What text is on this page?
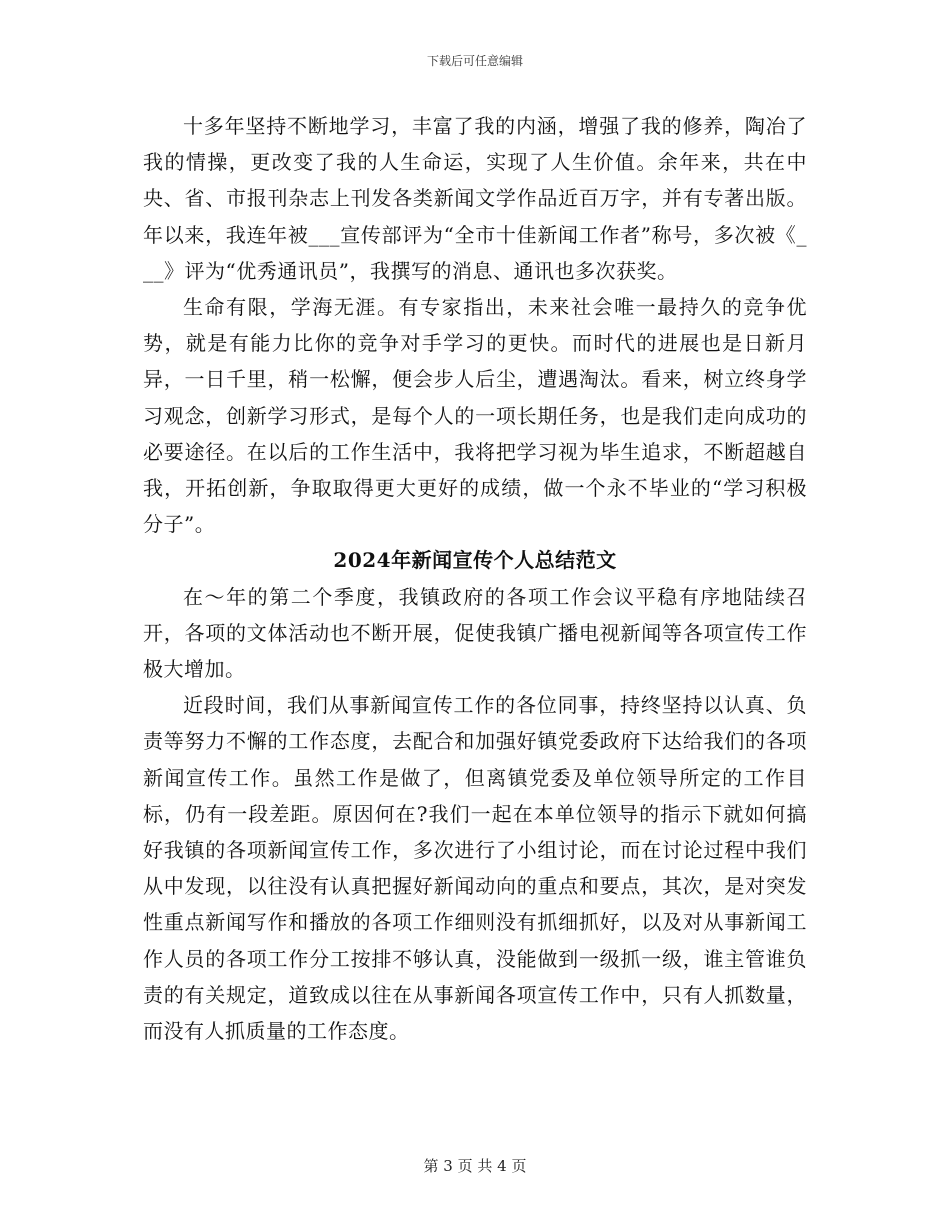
下载后可任意编辑

十多年坚持不断地学习，丰富了我的内涵，增强了我的修养，陶冶了我的情操，更改变了我的人生命运，实现了人生价值。余年来，共在中央、省、市报刊杂志上刊发各类新闻文学作品近百万字，并有专著出版。年以来，我连年被___宣传部评为“全市十佳新闻工作者”称号，多次被《___》评为“优秀通讯员”，我撰写的消息、通讯也多次获奖。

生命有限，学海无涯。有专家指出，未来社会唯一最持久的竞争优势，就是有能力比你的竞争对手学习的更快。而时代的进展也是日新月异，一日千里，稍一松懈，便会步人后尘，遭遇淘汰。看来，树立终身学习观念，创新学习形式，是每个人的一项长期任务，也是我们走向成功的必要途径。在以后的工作生活中，我将把学习视为毕生追求，不断超越自我，开拓创新，争取取得更大更好的成绩，做一个永不毕业的“学习积极分子”。

2024年新闻宣传个人总结范文

在～年的第二个季度，我镇政府的各项工作会议平稳有序地陆续召开，各项的文体活动也不断开展，促使我镇广播电视新闻等各项宣传工作极大增加。

近段时间，我们从事新闻宣传工作的各位同事，持终坚持以认真、负责等努力不懈的工作态度，去配合和加强好镇党委政府下达给我们的各项新闻宣传工作。虽然工作是做了，但离镇党委及单位领导所定的工作目标，仍有一段差距。原因何在?我们一起在本单位领导的指示下就如何搞好我镇的各项新闻宣传工作，多次进行了小组讨论，而在讨论过程中我们从中发现，以往没有认真把握好新闻动向的重点和要点，其次，是对突发性重点新闻写作和播放的各项工作细则没有抓细抓好，以及对从事新闻工作人员的各项工作分工按排不够认真，没能做到一级抓一级，谁主管谁负责的有关规定，道致成以往在从事新闻各项宣传工作中，只有人抓数量，而没有人抓质量的工作态度。

第 3 页 共 4 页
